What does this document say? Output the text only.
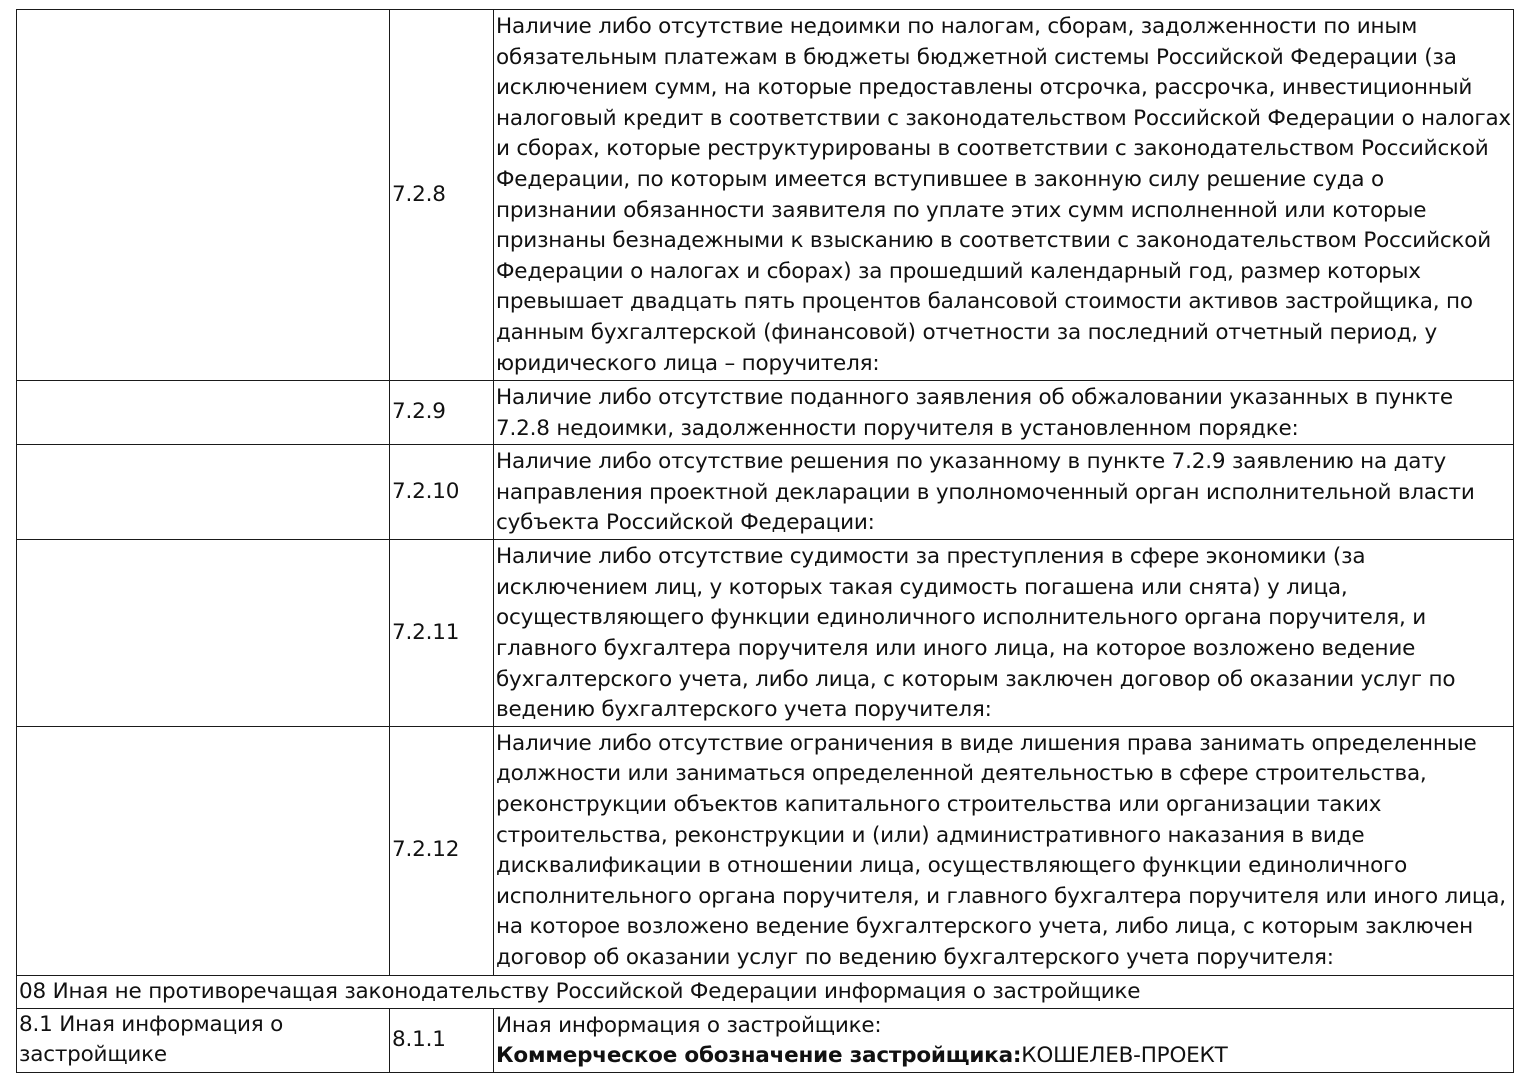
	7.2.8	Наличие либо отсутствие недоимки по налогам, сборам, задолженности по иным обязательным платежам в бюджеты бюджетной системы Российской Федерации (за исключением сумм, на которые предоставлены отсрочка, рассрочка, инвестиционный налоговый кредит в соответствии с законодательством Российской Федерации о налогах и сборах, которые реструктурированы в соответствии с законодательством Российской Федерации, по которым имеется вступившее в законную силу решение суда о признании обязанности заявителя по уплате этих сумм исполненной или которые признаны безнадежными к взысканию в соответствии с законодательством Российской Федерации о налогах и сборах) за прошедший календарный год, размер которых превышает двадцать пять процентов балансовой стоимости активов застройщика, по данным бухгалтерской (финансовой) отчетности за последний отчетный период, у юридического лица – поручителя:
	7.2.9	Наличие либо отсутствие поданного заявления об обжаловании указанных в пункте 7.2.8 недоимки, задолженности поручителя в установленном порядке:
	7.2.10	Наличие либо отсутствие решения по указанному в пункте 7.2.9 заявлению на дату направления проектной декларации в уполномоченный орган исполнительной власти субъекта Российской Федерации:
	7.2.11	Наличие либо отсутствие судимости за преступления в сфере экономики (за исключением лиц, у которых такая судимость погашена или снята) у лица, осуществляющего функции единоличного исполнительного органа поручителя, и главного бухгалтера поручителя или иного лица, на которое возложено ведение бухгалтерского учета, либо лица, с которым заключен договор об оказании услуг по ведению бухгалтерского учета поручителя:
	7.2.12	Наличие либо отсутствие ограничения в виде лишения права занимать определенные должности или заниматься определенной деятельностью в сфере строительства, реконструкции объектов капитального строительства или организации таких строительства, реконструкции и (или) административного наказания в виде дисквалификации в отношении лица, осуществляющего функции единоличного исполнительного органа поручителя, и главного бухгалтера поручителя или иного лица, на которое возложено ведение бухгалтерского учета, либо лица, с которым заключен договор об оказании услуг по ведению бухгалтерского учета поручителя:
08 Иная не противоречащая законодательству Российской Федерации информация о застройщике		
8.1 Иная информация о застройщике	8.1.1	Иная информация о застройщике:
Коммерческое обозначение застройщика:КОШЕЛЕВ-ПРОЕКТ
